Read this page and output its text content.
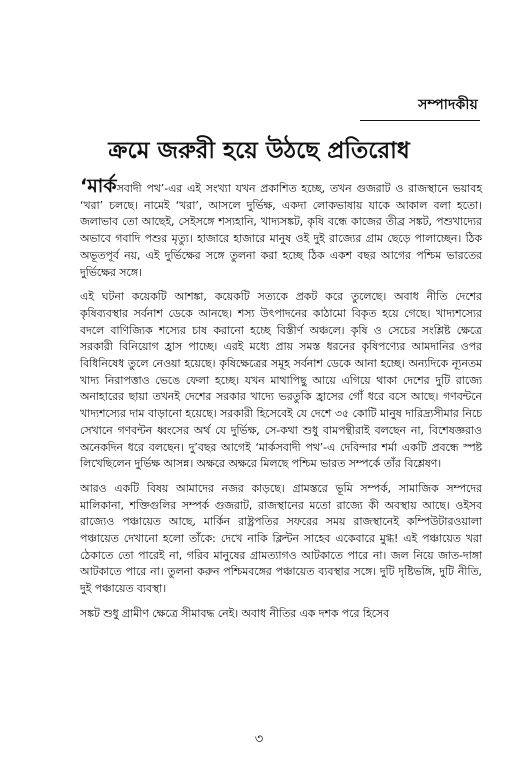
সম্পাদকীয়
ক্রমে জরুরী হয়ে উঠছে প্রতিরোধ

‘মার্কসবাদী পথ’-এর এই সংখ্যা যখন প্রকাশিত হচ্ছে, তখন গুজরাট ও রাজস্থানে ভয়াবহ ‘খরা’ চলছে। নামেই ‘খরা’, আসলে দুর্ভিক্ষ, একদা লোকভাষায় যাকে আকাল বলা হতো। জলাভাব তো আছেই, সেইসঙ্গে শস্যহানি, খাদ্যসঙ্কট, কৃষি বন্ধে কাজের তীব্র সঙ্কট, পশুখাদ্যের অভাবে গবাদি পশুর মৃত্যু। হাজারে হাজারে মানুষ ওই দুই রাজ্যের গ্রাম ছেড়ে পালাচ্ছেন। ঠিক অভূতপূর্ব নয়, এই দুর্ভিক্ষের সঙ্গে তুলনা করা হচ্ছে ঠিক একশ বছর আগের পশ্চিম ভারতের দুর্ভিক্ষের সঙ্গে।

এই ঘটনা কয়েকটি আশঙ্কা, কয়েকটি সত্যকে প্রকট করে তুলেছে। অবাধ নীতি দেশের কৃষিব্যবস্থার সর্বনাশ ডেকে আনছে। শস্য উৎপাদনের কাঠামো বিকৃত হয়ে গেছে। খাদ্যশস্যের বদলে বাণিজ্যিক শস্যের চাষ করানো হচ্ছে বিস্তীর্ণ অঞ্চলে। কৃষি ও সেচের সংশ্লিষ্ট ক্ষেত্রে সরকারী বিনিয়োগ হ্রাস পাচ্ছে। এরই মধ্যে প্রায় সমস্ত ধরনের কৃষিপণ্যের আমদানির ওপর বিধিনিষেধ তুলে নেওয়া হয়েছে। কৃষিক্ষেত্রের সমূহ সর্বনাশ ডেকে আনা হচ্ছে। অন্যদিকে ন্যূনতম খাদ্য নিরাপত্তাও ভেঙে ফেলা হচ্ছে। যখন মাথাপিছু আয়ে এগিয়ে থাকা দেশের দুটি রাজ্যে অনাহারের ছায়া তখনই দেশের সরকার খাদ্যে ভরতুকি হ্রাসের গোঁ ধরে বসে আছে। গণবন্টনে খাদ্যশস্যের দাম বাড়ানো হয়েছে। সরকারী হিসেবেই যে দেশে ৩৫ কোটি মানুষ দারিদ্র্যসীমার নিচে সেখানে গণবন্টন ধ্বংসের অর্থ যে দুর্ভিক্ষ, সে-কথা শুধু বামপন্থীরাই বলছেন না, বিশেষজ্ঞরাও অনেকদিন ধরে বলছেন। দু’বছর আগেই ‘মার্কসবাদী পথ’-এ দেবিন্দার শর্মা একটি প্রবন্ধে স্পষ্ট লিখেছিলেন দুর্ভিক্ষ আসন্ন। অক্ষরে অক্ষরে মিলছে পশ্চিম ভারত সম্পর্কে তাঁর বিশ্লেষণ।

আরও একটি বিষয় আমাদের নজর কাড়ছে। গ্রামস্তরে ভূমি সম্পর্ক, সামাজিক সম্পদের মালিকানা, শক্তিগুলির সম্পর্ক গুজরাট, রাজস্থানের মতো রাজ্যে কী অবস্থায় আছে। ওইসব রাজ্যেও পঞ্চায়েত আছে, মার্কিন রাষ্ট্রপতির সফরের সময় রাজস্থানেই কম্পিউটারওয়ালা পঞ্চায়েত দেখানো হলো তাঁকে: দেখে নাকি ক্লিন্টন সাহেব একেবারে মুগ্ধ! এই পঞ্চায়েত খরা ঠেকাতে তো পারেই না, গরিব মানুষের গ্রামত্যাগও আটকাতে পারে না। জল নিয়ে জাত-দাঙ্গা আটকাতে পারে না। তুলনা করুন পশ্চিমবঙ্গের পঞ্চায়েত ব্যবস্থার সঙ্গে। দুটি দৃষ্টিভঙ্গি, দুটি নীতি, দুই পঞ্চায়েত ব্যবস্থা।

সঙ্কট শুধু গ্রামীণ ক্ষেত্রে সীমাবদ্ধ নেই। অবাধ নীতির এক দশক পরে হিসেব

৩
